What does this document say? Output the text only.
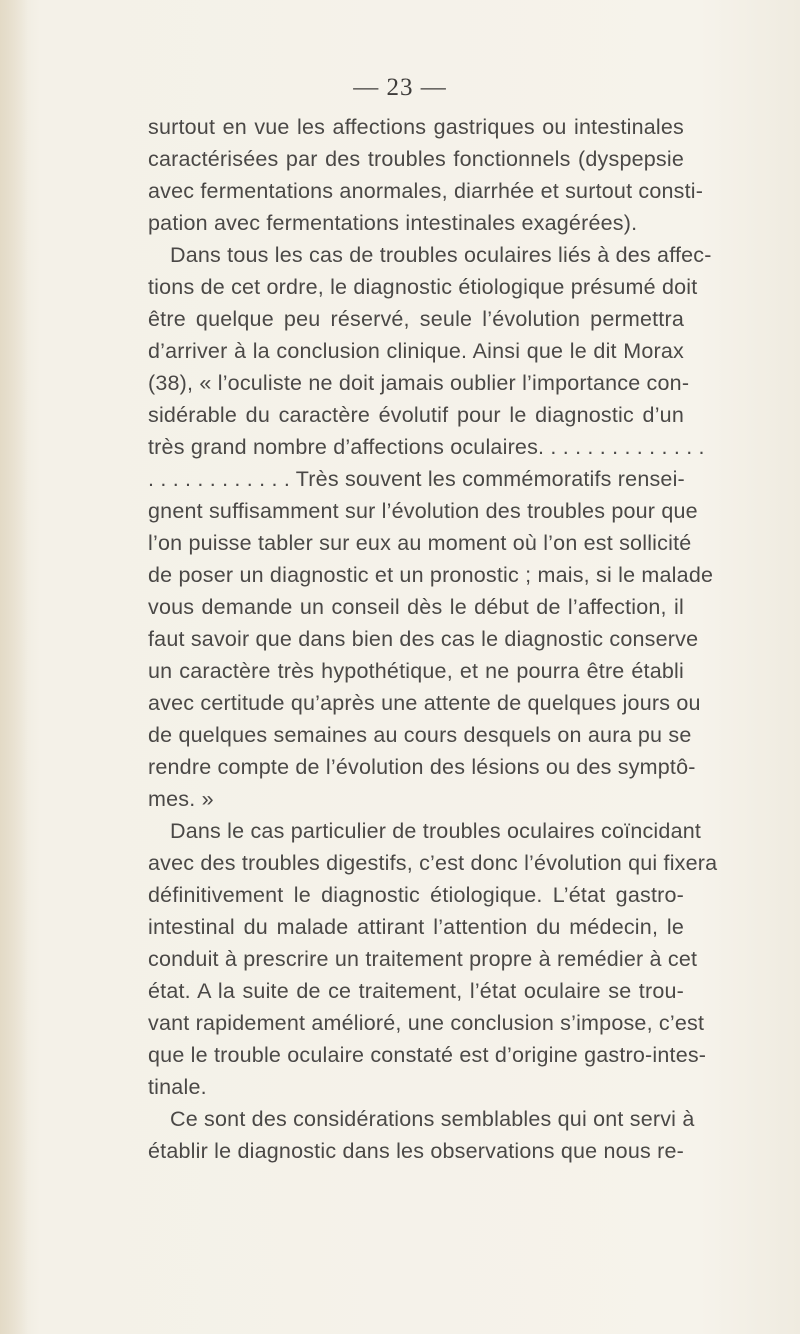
— 23 —
surtout en vue les affections gastriques ou intestinales
caractérisées par des troubles fonctionnels (dyspepsie
avec fermentations anormales, diarrhée et surtout consti-
pation avec fermentations intestinales exagérées).
Dans tous les cas de troubles oculaires liés à des affec-
tions de cet ordre, le diagnostic étiologique présumé doit
être quelque peu réservé, seule l’évolution permettra
d’arriver à la conclusion clinique. Ainsi que le dit Morax
(38), « l’oculiste ne doit jamais oublier l’importance con-
sidérable du caractère évolutif pour le diagnostic d’un
très grand nombre d’affections oculaires. . . . . . . . . . . . . .
. . . . . . . . . . . . Très souvent les commémoratifs rensei-
gnent suffisamment sur l’évolution des troubles pour que
l’on puisse tabler sur eux au moment où l’on est sollicité
de poser un diagnostic et un pronostic ; mais, si le malade
vous demande un conseil dès le début de l’affection, il
faut savoir que dans bien des cas le diagnostic conserve
un caractère très hypothétique, et ne pourra être établi
avec certitude qu’après une attente de quelques jours ou
de quelques semaines au cours desquels on aura pu se
rendre compte de l’évolution des lésions ou des symptô-
mes. »
Dans le cas particulier de troubles oculaires coïncidant
avec des troubles digestifs, c’est donc l’évolution qui fixera
définitivement le diagnostic étiologique. L’état gastro-
intestinal du malade attirant l’attention du médecin, le
conduit à prescrire un traitement propre à remédier à cet
état. A la suite de ce traitement, l’état oculaire se trou-
vant rapidement amélioré, une conclusion s’impose, c’est
que le trouble oculaire constaté est d’origine gastro-intes-
tinale.
Ce sont des considérations semblables qui ont servi à
établir le diagnostic dans les observations que nous re-
